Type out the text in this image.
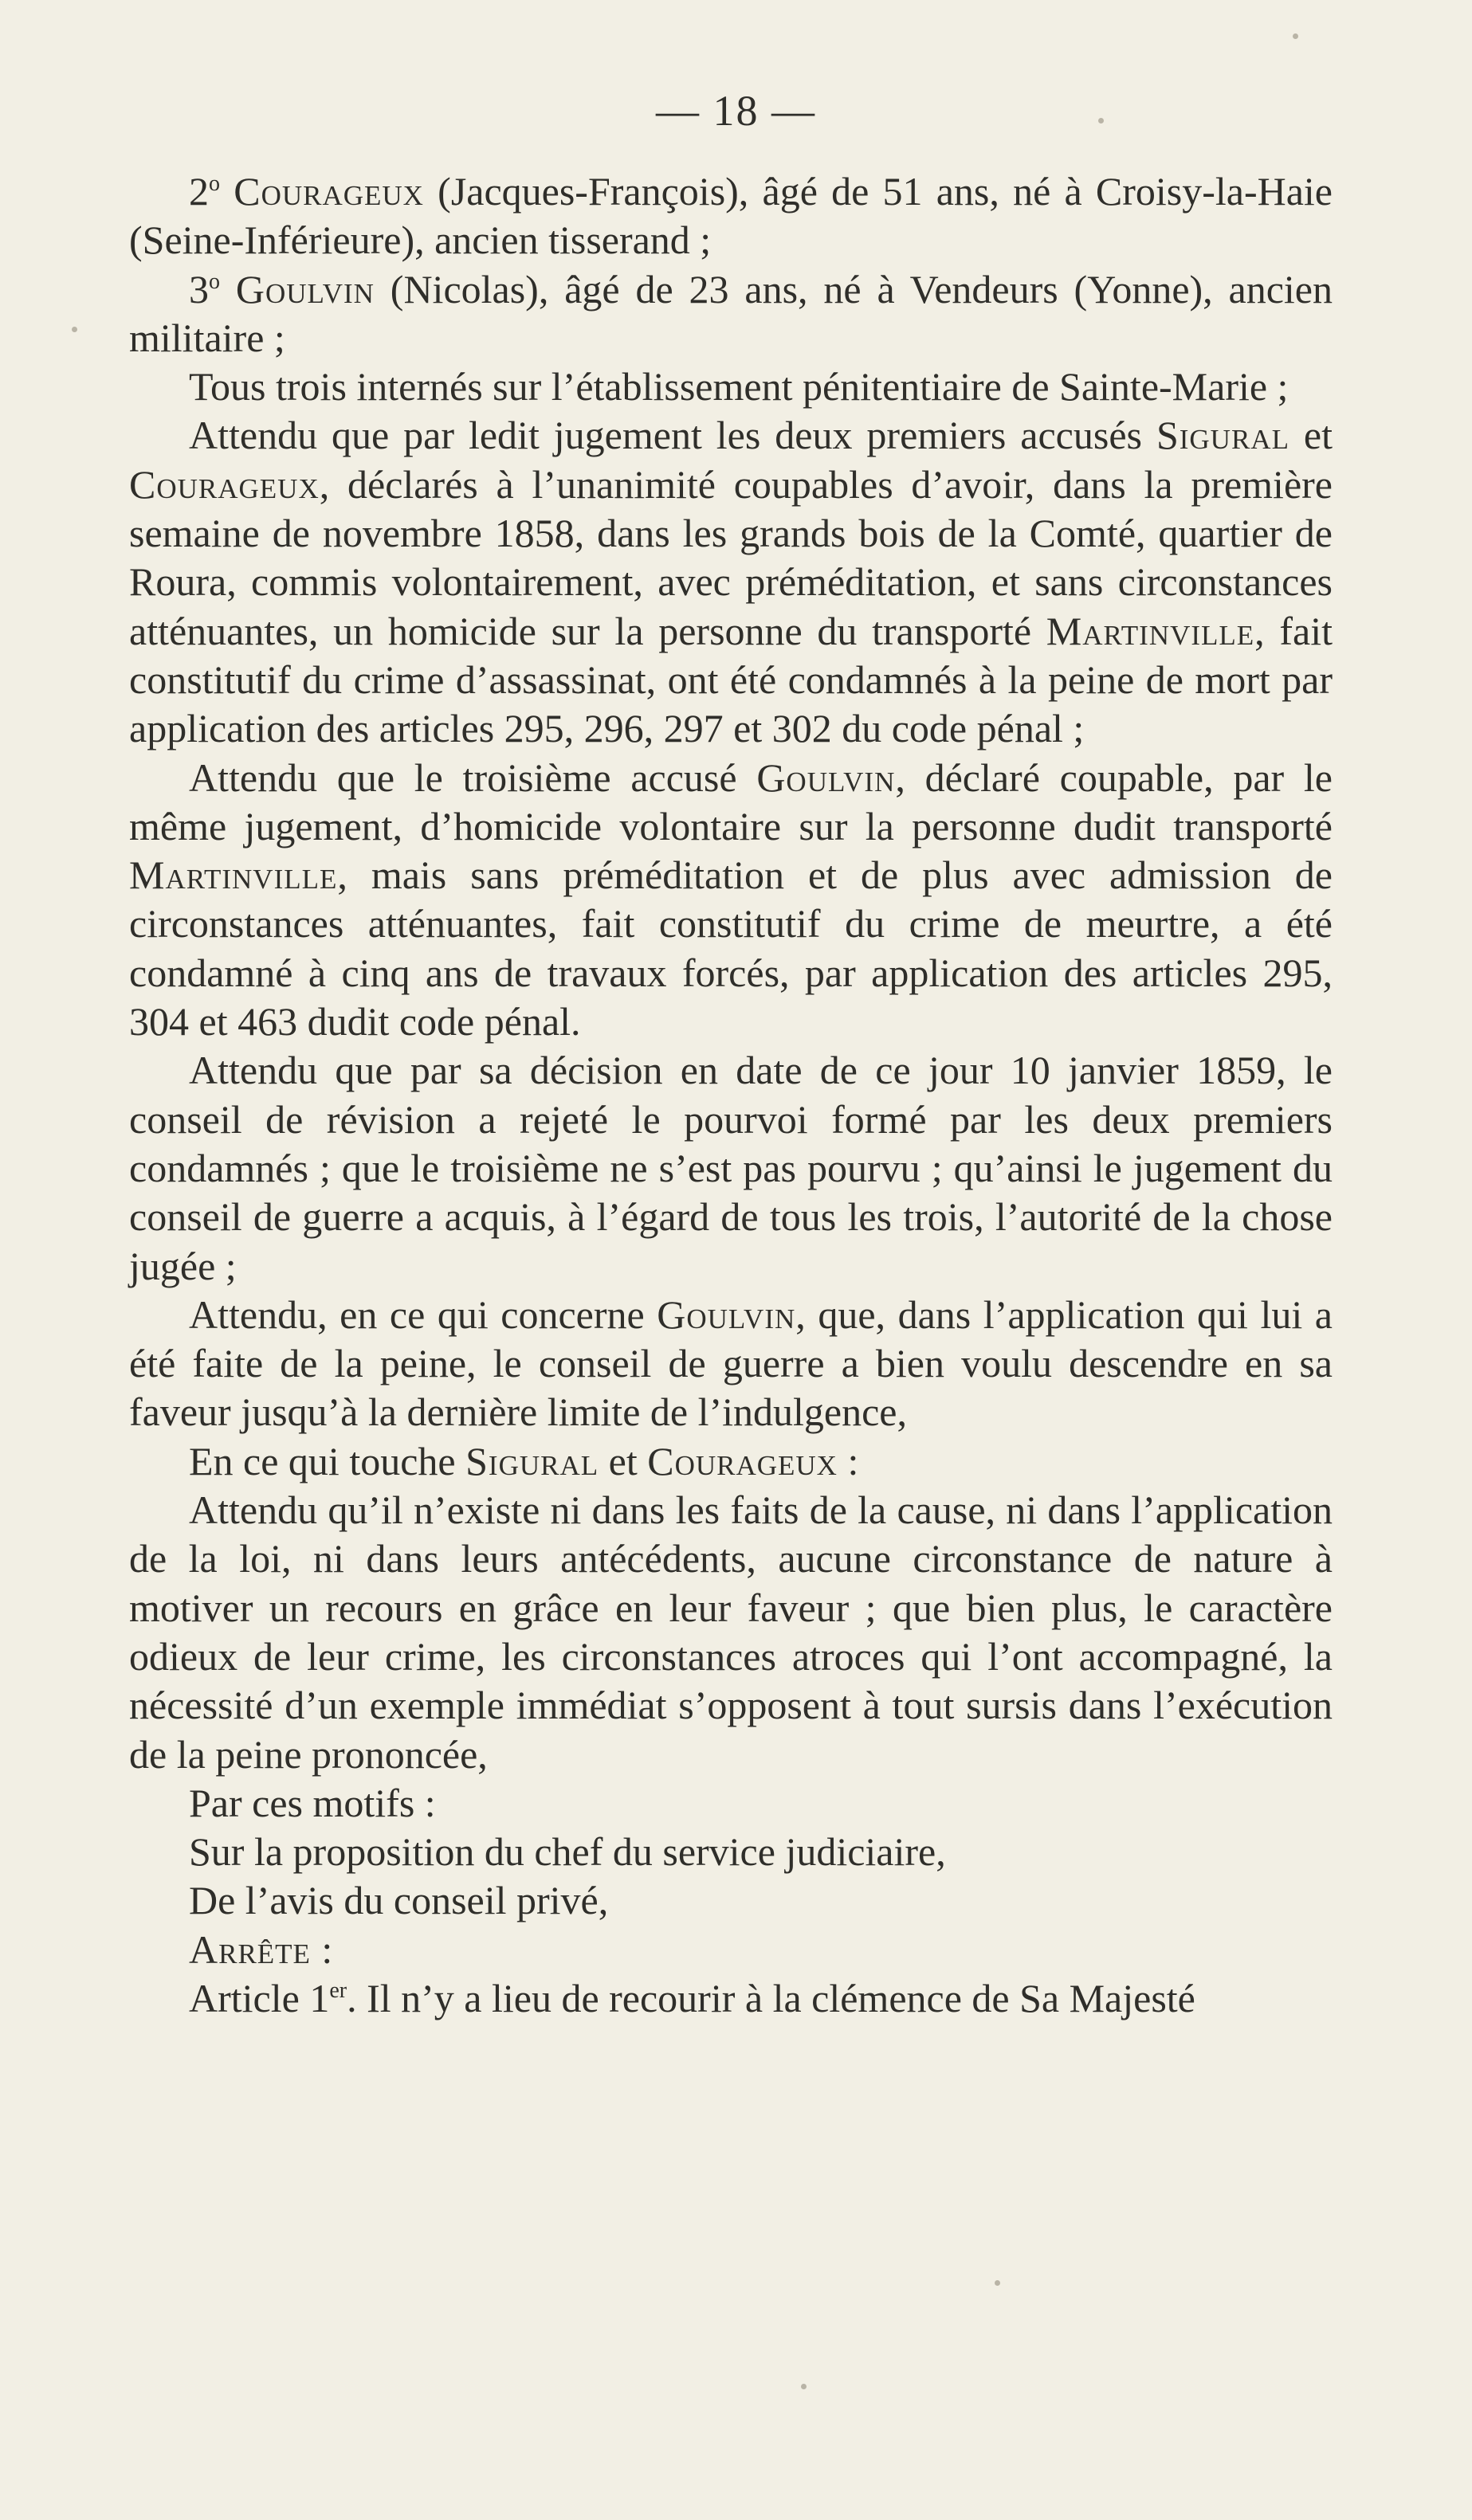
— 18 —

2$^o$ Courageux (Jacques-François), âgé de 51 ans, né à Croisy-la-Haie (Seine-Inférieure), ancien tisserand ;

3$^o$ Goulvin (Nicolas), âgé de 23 ans, né à Vendeurs (Yonne), ancien militaire ;

Tous trois internés sur l’établissement pénitentiaire de Sainte-Marie ;

Attendu que par ledit jugement les deux premiers accusés Sigural et Courageux, déclarés à l’unanimité coupables d’avoir, dans la première semaine de novembre 1858, dans les grands bois de la Comté, quartier de Roura, commis volontairement, avec préméditation, et sans circonstances atténuantes, un homicide sur la personne du transporté Martinville, fait constitutif du crime d’assassinat, ont été condamnés à la peine de mort par application des articles 295, 296, 297 et 302 du code pénal ;

Attendu que le troisième accusé Goulvin, déclaré coupable, par le même jugement, d’homicide volontaire sur la personne dudit transporté Martinville, mais sans préméditation et de plus avec admission de circonstances atténuantes, fait constitutif du crime de meurtre, a été condamné à cinq ans de travaux forcés, par application des articles 295, 304 et 463 dudit code pénal.

Attendu que par sa décision en date de ce jour 10 janvier 1859, le conseil de révision a rejeté le pourvoi formé par les deux premiers condamnés ; que le troisième ne s’est pas pourvu ; qu’ainsi le jugement du conseil de guerre a acquis, à l’égard de tous les trois, l’autorité de la chose jugée ;

Attendu, en ce qui concerne Goulvin, que, dans l’application qui lui a été faite de la peine, le conseil de guerre a bien voulu descendre en sa faveur jusqu’à la dernière limite de l’indulgence,

En ce qui touche Sigural et Courageux :

Attendu qu’il n’existe ni dans les faits de la cause, ni dans l’application de la loi, ni dans leurs antécédents, aucune circonstance de nature à motiver un recours en grâce en leur faveur ; que bien plus, le caractère odieux de leur crime, les circonstances atroces qui l’ont accompagné, la nécessité d’un exemple immédiat s’opposent à tout sursis dans l’exécution de la peine prononcée,

Par ces motifs :

Sur la proposition du chef du service judiciaire,

De l’avis du conseil privé,

Arrête :

Article 1er. Il n’y a lieu de recourir à la clémence de Sa Majesté
